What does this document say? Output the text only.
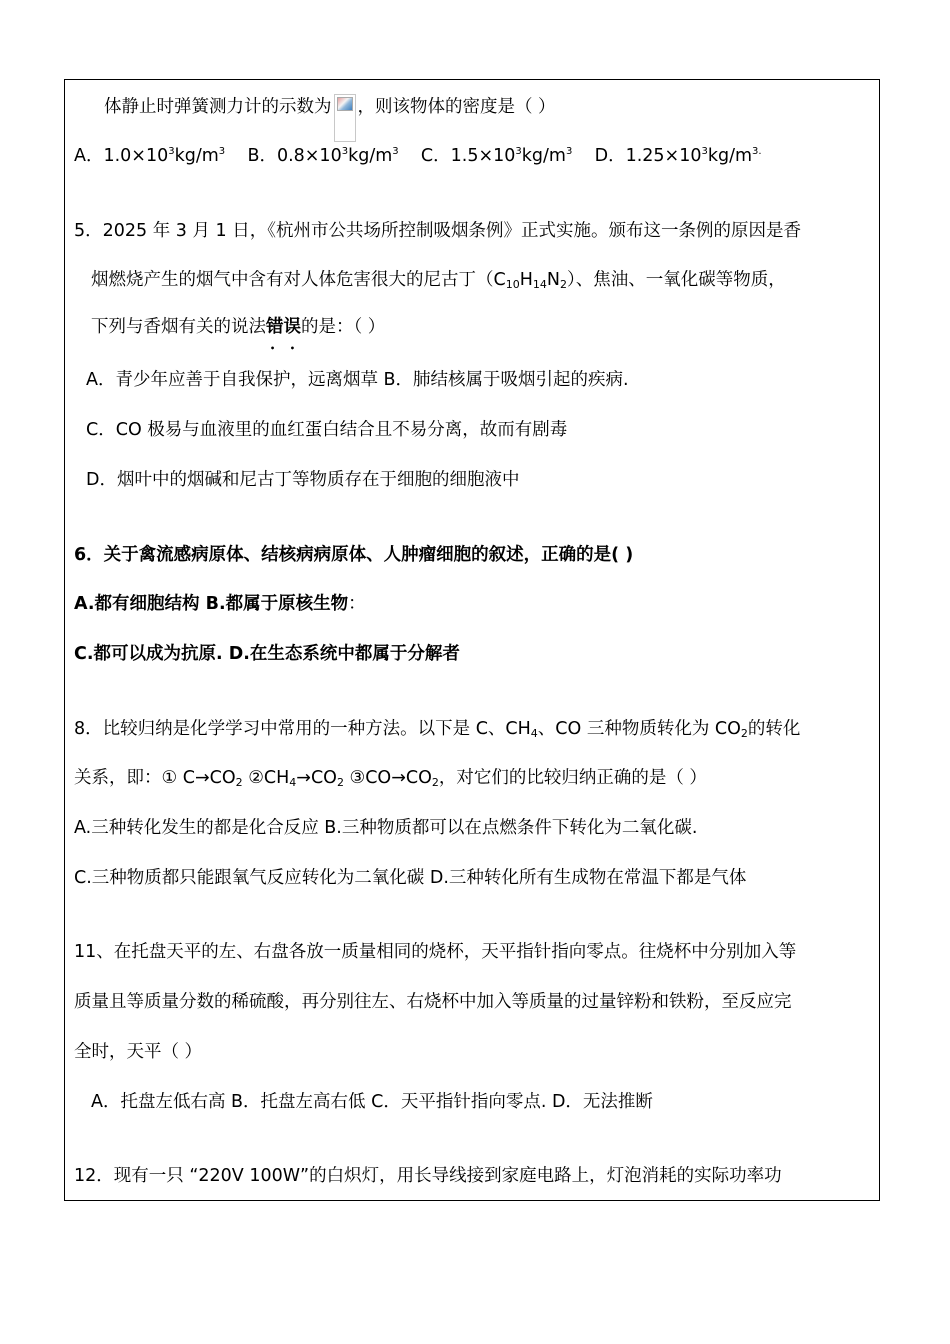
体静止时弹簧测力计的示数为 ，则该物体的密度是（ ）
A．$1.0\times 10^3kg/m^3$ B．$0.8\times 10^3kg/m^3$ C．$1.5\times 10^3kg/m^3$ D．$1.25\times 10^3kg/m^{3.}$
5．2025 年 3 月 1 日，《杭州市公共场所控制吸烟条例》正式实施。颁布这一条例的原因是香
烟燃烧产生的烟气中含有对人体危害很大的尼古丁$(C_{10}H_{14}N_2)$、焦油、一氧化碳等物质，
下列与香烟有关的说法错误 • •的是：（ ）
A．青少年应善于自我保护，远离烟草 B．肺结核属于吸烟引起的疾病.
C．CO 极易与血液里的血红蛋白结合且不易分离，故而有剧毒
D．烟叶中的烟碱和尼古丁等物质存在于细胞的细胞液中
6．关于禽流感病原体、结核病病原体、人肿瘤细胞的叙述，正确的是( )
A.都有细胞结构 B.都属于原核生物：
C.都可以成为抗原. D.在生态系统中都属于分解者
8．比较归纳是化学学习中常用的一种方法。以下是 C、$CH_4$、CO 三种物质转化为 $CO_2$的转化
关系，即：① $C\to CO_2$ $②CH_4\to CO_2$ $③CO\to CO_2$，对它们的比较归纳正确的是（ ）
A.三种转化发生的都是化合反应 B.三种物质都可以在点燃条件下转化为二氧化碳.
C.三种物质都只能跟氧气反应转化为二氧化碳 D.三种转化所有生成物在常温下都是气体
11、在托盘天平的左、右盘各放一质量相同的烧杯，天平指针指向零点。往烧杯中分别加入等
质量且等质量分数的稀硫酸，再分别往左、右烧杯中加入等质量的过量锌粉和铁粉，至反应完
全时，天平（ ）
A．托盘左低右高 B．托盘左高右低 C．天平指针指向零点. D．无法推断
12．现有一只 “220V 100W”的白炽灯，用长导线接到家庭电路上，灯泡消耗的实际功率功
